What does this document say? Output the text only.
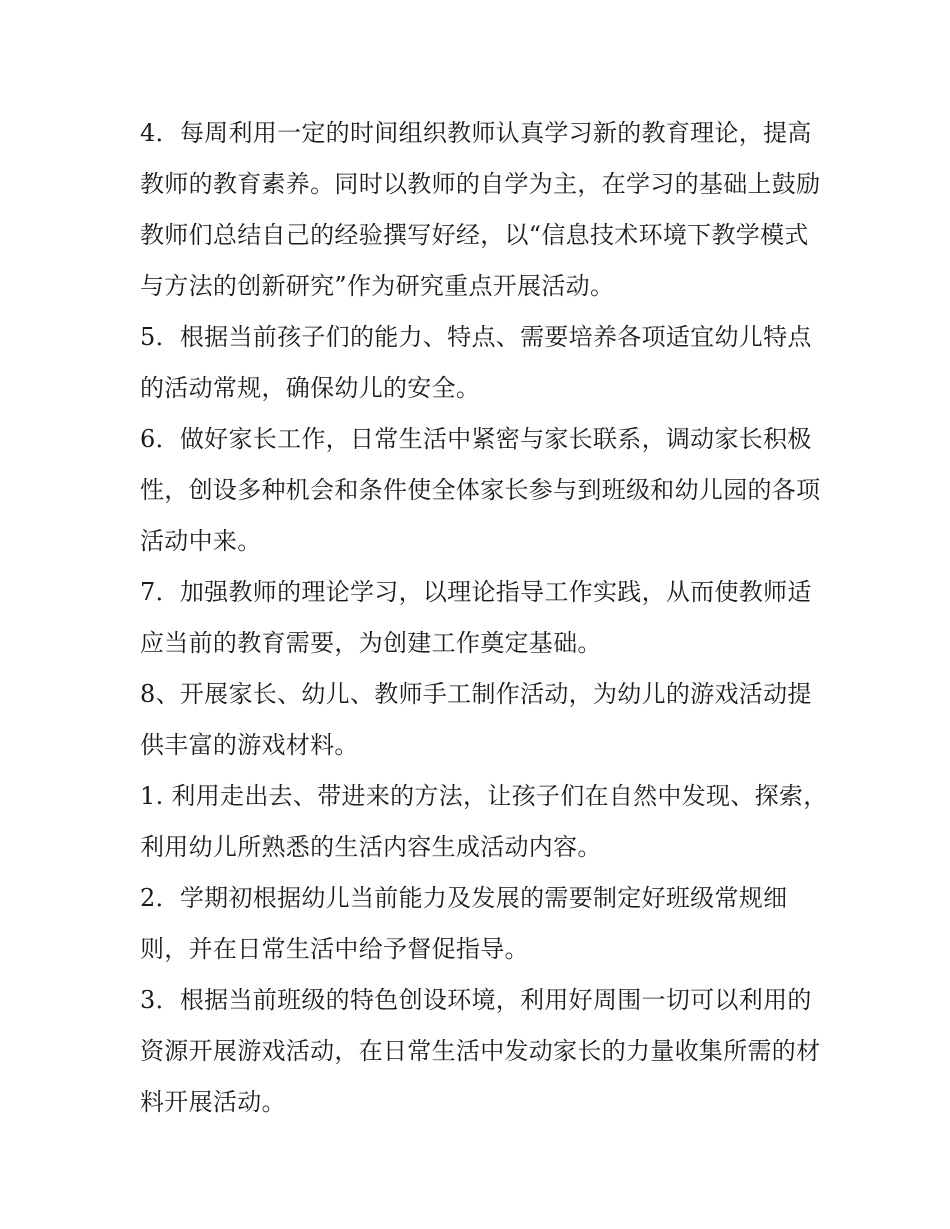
4．每周利用一定的时间组织教师认真学习新的教育理论，提高教师的教育素养。同时以教师的自学为主，在学习的基础上鼓励教师们总结自己的经验撰写好经，以“信息技术环境下教学模式与方法的创新研究”作为研究重点开展活动。

5．根据当前孩子们的能力、特点、需要培养各项适宜幼儿特点的活动常规，确保幼儿的安全。

6．做好家长工作，日常生活中紧密与家长联系，调动家长积极性，创设多种机会和条件使全体家长参与到班级和幼儿园的各项活动中来。

7．加强教师的理论学习，以理论指导工作实践，从而使教师适应当前的教育需要，为创建工作奠定基础。

8、开展家长、幼儿、教师手工制作活动，为幼儿的游戏活动提供丰富的游戏材料。

1. 利用走出去、带进来的方法，让孩子们在自然中发现、探索，利用幼儿所熟悉的生活内容生成活动内容。

2．学期初根据幼儿当前能力及发展的需要制定好班级常规细则，并在日常生活中给予督促指导。

3．根据当前班级的特色创设环境，利用好周围一切可以利用的资源开展游戏活动，在日常生活中发动家长的力量收集所需的材料开展活动。
